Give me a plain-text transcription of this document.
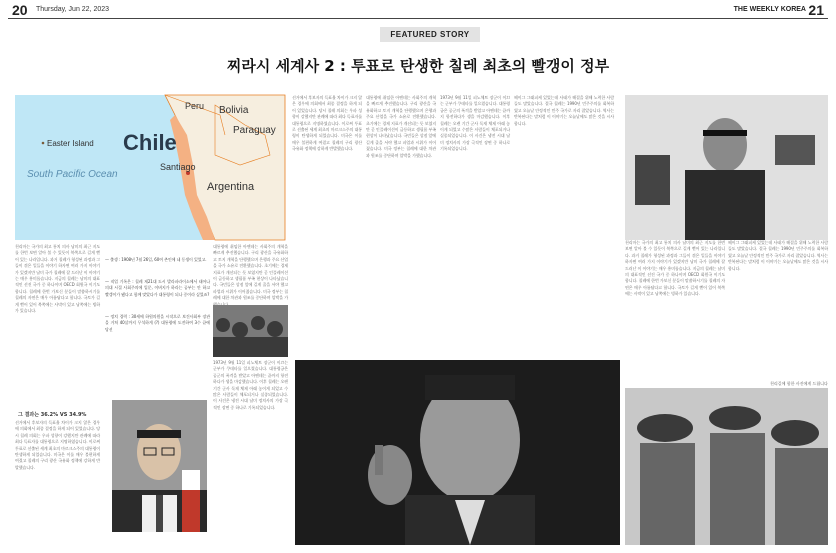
20 Thursday, Jun 22, 2023	THE WEEKLY KOREA 21
FEATURED STORY
찌라시 세계사 2 : 투표로 탄생한 칠레 최초의 빨갱이 정부
Peru Bolivia
Paraguay
Argentina
Santiago
Easter Island
South Pacific Ocean
Chile
천리마는 국가의 최고 통치 의사 남미의 최근 지도를 한번 보면 알아 볼 수 있듯이 북쪽으로 길게 뻗어 있는 나라입니다. 과거 칠레가 형성된 과정과 그들이 겪은 일들을 이야기 하자면 여러 가지 이야기가 있겠지만 남미 국가 칠레에 잘 드러난 이 이야기는 매우 흥미롭습니다. 지금의 칠레는 남미의 대표적인 선진 국가 중 하나이며 OECD 회원국 이기도 합니다. 칠레에 한번 가보신 분들이 말씀하시기를 칠레의 자연은 매우 아름답다고 합니다. 국토가 길게 뻗어 있어 북쪽에는 사막이 있고 남쪽에는 빙하가 있습니다.
선거에서 후보자의 득표율 차이가 크지 않은 경우에 의회에서 최종 결정을 하게 되어 있었습니다. 당시 칠레 의회는 우파 성향이 강했지만 관례에 따라 최다 득표자를 대통령으로 지명하였습니다. 이로써 투표로 선출된 세계 최초의 마르크스주의 대통령이 탄생하게 되었습니다. 미국은 이를 매우 불편하게 여겼고 칠레의 구리 광산 국유화 정책에 강하게 반발했습니다.
그 결과는 36.2% VS 34.9%

— 출생 : 1908년 7월 26일, 60여 촌인에 네 동생이 있었고.

— 직업 기록은 : 칠레 제21대 도시 발라파라이소에서 태어나 의대 시절 사회주의에 입문, 이버지가 하라는 공부는 안 하고 빨갱이가 됐다고 함께 맞았다가 대통령이 되나 중이라 싶었죠?

— 정치 경력 : 30세에 하원의원을 시작으로 보건사회부 장관을 거쳐 40살까지 무석하게 (?) 대통령에 도전하여 3수 끝에 당선

대통령에 취임한 아옌데는 사회주의 개혁을 빠르게 추진했습니다. 구리 광산을 국유화하고 토지 개혁을 단행했으며 은행과 주요 산업을 국가 소유로 전환했습니다. 초기에는 경제 지표가 개선되는 듯 보였지만 곧 인플레이션이 급등하고 생필품 부족 현상이 나타났습니다. 국민들은 상점 앞에 길게 줄을 서야 했고 파업과 시위가 이어졌습니다. 미국 정부는 칠레에 대한 차관과 원조를 중단하며 압박을 가
1973년 9월 11일 피노체트 장군이 이끄는 군부가 쿠데타를 일으켰습니다. 대통령궁은 공군의 폭격을 받았고 아옌데는 끝까지 항전하다가 생을 마감했습니다. 이후 칠레는 오랜 기간 군사 독재 체제 아래 놓이게 되었고 수많은 사람들이 체포되거나 실종되었습니다. 이 사건은 냉전 시대 남미 정치사의 가장 극적인 장면 중 하나로 기록되었습니다.
선거에서 후보자의 득표율 차이가 크지 않은 경우에 의회에서 최종 결정을 하게 되어 있었습니다. 당시 칠레 의회는 우파 성향이 강했지만 관례에 따라 최다 득표자를 대통령으로 지명하였습니다. 이로써 투표로 선출된 세계 최초의 마르크스주의 대통령이 탄생하게 되었습니다. 미국은 이를 매우 불편하게 여겼고 칠레의 구리 광산 국유화 정책에 강하게 반발했습니다.
대통령에 취임한 아옌데는 사회주의 개혁을 빠르게 추진했습니다. 구리 광산을 국유화하고 토지 개혁을 단행했으며 은행과 주요 산업을 국가 소유로 전환했습니다. 초기에는 경제 지표가 개선되는 듯 보였지만 곧 인플레이션이 급등하고 생필품 부족 현상이 나타났습니다. 국민들은 상점 앞에 길게 줄을 서야 했고 파업과 시위가 이어졌습니다. 미국 정부는 칠레에 대한 차관과 원조를 중단하며 압박을 가했습니다.
1973년 9월 11일 피노체트 장군이 이끄는 군부가 쿠데타를 일으켰습니다. 대통령궁은 공군의 폭격을 받았고 아옌데는 끝까지 항전하다가 생을 마감했습니다. 이후 칠레는 오랜 기간 군사 독재 체제 아래 놓이게 되었고 수많은 사람들이 체포되거나 실종되었습니다. 이 사건은 냉전 시대 남미 정치사의 가장 극적인 장면 중 하나로 기록되었습니다.
헤이그 그래피케 있었는데 사태가 해결을 위해 노력한 사람들도 많았습니다. 결국 칠레는 1990년 민주주의를 회복하였고 오늘날 안정적인 민주 국가로 자리 잡았습니다. 역사는 반복된다는 말처럼 이 이야기는 오늘날에도 많은 것을 시사합니다.
천리마는 국가의 최고 통치 의사 남미의 최근 지도를 한번 보면 알아 볼 수 있듯이 북쪽으로 길게 뻗어 있는 나라입니다. 과거 칠레가 형성된 과정과 그들이 겪은 일들을 이야기 하자면 여러 가지 이야기가 있겠지만 남미 국가 칠레에 잘 드러난 이 이야기는 매우 흥미롭습니다. 지금의 칠레는 남미의 대표적인 선진 국가 중 하나이며 OECD 회원국 이기도 합니다. 칠레에 한번 가보신 분들이 말씀하시기를 칠레의 자연은 매우 아름답다고 합니다. 국토가 길게 뻗어 있어 북쪽에는 사막이 있고 남쪽에는 빙하가 있습니다.
헤이그 그래피케 있었는데 사태가 해결을 위해 노력한 사람들도 많았습니다. 결국 칠레는 1990년 민주주의를 회복하였고 오늘날 안정적인 민주 국가로 자리 잡았습니다. 역사는 반복된다는 말처럼 이 이야기는 오늘날에도 많은 것을 시사합니다.
천리길에 합한 사진에게 드립니다
